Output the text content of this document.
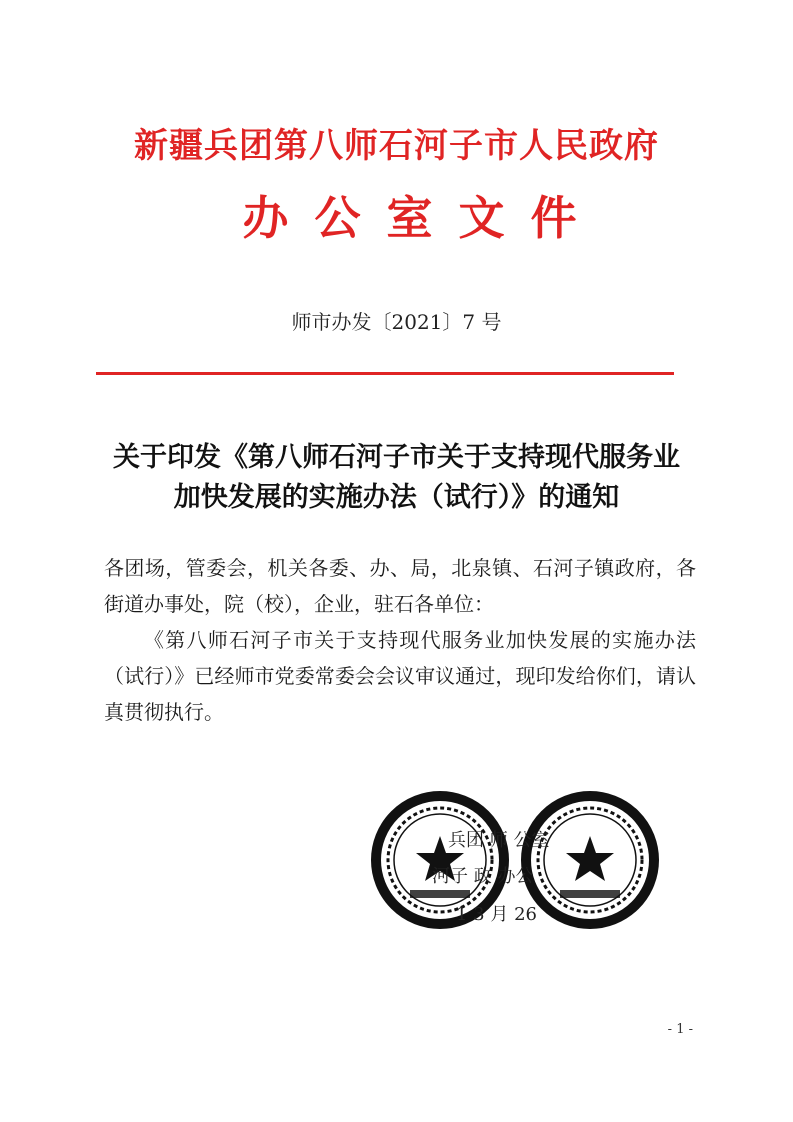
新疆兵团第八师石河子市人民政府
办公室文件
师市办发〔2021〕7 号
关于印发《第八师石河子市关于支持现代服务业
加快发展的实施办法（试行）》的通知

各团场，管委会，机关各委、办、局，北泉镇、石河子镇政府，各街道办事处，院（校），企业，驻石各单位：

《第八师石河子市关于支持现代服务业加快发展的实施办法（试行）》已经师市党委常委会会议审议通过，现印发给你们，请认真贯彻执行。

兵团 师 公室
河子 政 办公
1 3 月 26
- 1 -
